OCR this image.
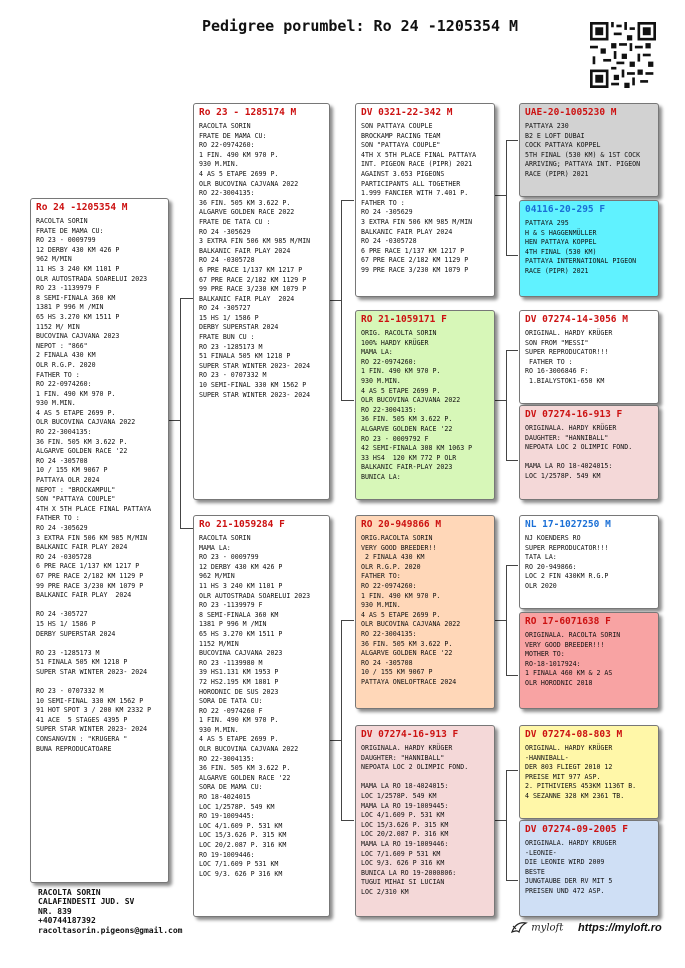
Pedigree porumbel: Ro 24 -1205354 M
Ro 24 -1205354 M
RACOLTA SORIN
FRATE DE MAMA CU:
RO 23 - 0009799
12 DERBY 430 KM 426 P
962 M/MIN
11 HS 3 240 KM 1101 P
OLR AUTOSTRADA SOARELUI 2023
RO 23 -1139979 F
8 SEMI-FINALA 360 KM
1381 P 996 M /MIN
65 HS 3.270 KM 1511 P
1152 M/ MIN
BUCOVINA CAJVANA 2023
NEPOT : "866"
2 FINALA 430 KM
OLR R.G.P. 2020
FATHER TO :
RO 22-0974260:
1 FIN. 490 KM 970 P.
930 M.MIN.
4 AS 5 ETAPE 2699 P.
OLR BUCOVINA CAJVANA 2022
RO 22-3004135:
36 FIN. 505 KM 3.622 P.
ALGARVE GOLDEN RACE '22
RO 24 -305708
10 / 155 KM 9067 P
PATTAYA OLR 2024
NEPOT : "BROCKAMPUL"
SON "PATTAYA COUPLE"
4TH X 5TH PLACE FINAL PATTAYA
FATHER TO :
RO 24 -305629
3 EXTRA FIN 506 KM 985 M/MIN
BALKANIC FAIR PLAY 2024
RO 24 -0305728
6 PRE RACE 1/137 KM 1217 P
67 PRE RACE 2/182 KM 1129 P
99 PRE RACE 3/230 KM 1079 P
BALKANIC FAIR PLAY  2024

RO 24 -305727
15 HS 1/ 1586 P
DERBY SUPERSTAR 2024

RO 23 -1285173 M
51 FINALA 505 KM 1218 P
SUPER STAR WINTER 2023- 2024

RO 23 - 0707332 M
10 SEMI-FINAL 330 KM 1562 P
91 HOT SPOT 3 / 200 KM 2332 P
41 ACE  5 STAGES 4395 P
SUPER STAR WINTER 2023- 2024
CONSANGVIN : "KRUGERA "
BUNA REPRODUCATOARE
Ro 23 - 1285174 M
RACOLTA SORIN
FRATE DE MAMA CU:
RO 22-0974260:
1 FIN. 490 KM 970 P.
930 M.MIN.
4 AS 5 ETAPE 2699 P.
OLR BUCOVINA CAJVANA 2022
RO 22-3004135:
36 FIN. 505 KM 3.622 P.
ALGARVE GOLDEN RACE 2022
FRATE DE TATA CU :
RO 24 -305629
3 EXTRA FIN 506 KM 985 M/MIN
BALKANIC FAIR PLAY 2024
RO 24 -0305728
6 PRE RACE 1/137 KM 1217 P
67 PRE RACE 2/182 KM 1129 P
99 PRE RACE 3/230 KM 1079 P
BALKANIC FAIR PLAY  2024
RO 24 -305727
15 HS 1/ 1586 P
DERBY SUPERSTAR 2024
FRATE BUN CU :
RO 23 -1285173 M
51 FINALA 505 KM 1218 P
SUPER STAR WINTER 2023- 2024
RO 23 - 0707332 M
10 SEMI-FINAL 330 KM 1562 P
SUPER STAR WINTER 2023- 2024
Ro 21-1059284 F
RACOLTA SORIN
MAMA LA:
RO 23 - 0009799
12 DERBY 430 KM 426 P
962 M/MIN
11 HS 3 240 KM 1101 P
OLR AUTOSTRADA SOARELUI 2023
RO 23 -1139979 F
8 SEMI-FINALA 360 KM
1381 P 996 M /MIN
65 HS 3.270 KM 1511 P
1152 M/MIN
BUCOVINA CAJVANA 2023
RO 23 -1139980 M
39 HS1.131 KM 1953 P
72 HS2.195 KM 1881 P
HORODNIC DE SUS 2023
SORA DE TATA CU:
RO 22 -0974260 F
1 FIN. 490 KM 970 P.
930 M.MIN.
4 AS 5 ETAPE 2699 P.
OLR BUCOVINA CAJVANA 2022
RO 22-3004135:
36 FIN. 505 KM 3.622 P.
ALGARVE GOLDEN RACE '22
SORA DE MAMA CU:
RO 18-4024015
LOC 1/2578P. 549 KM
RO 19-1009445:
LOC 4/1.609 P. 531 KM
LOC 15/3.626 P. 315 KM
LOC 20/2.087 P. 316 KM
RO 19-1009446:
LOC 7/1.609 P 531 KM
LOC 9/3. 626 P 316 KM
DV 0321-22-342 M
SON PATTAYA COUPLE
BROCKAMP RACING TEAM
SON "PATTAYA COUPLE"
4TH X 5TH PLACE FINAL PATTAYA
INT. PIGEON RACE (PIPR) 2021
AGAINST 3.653 PIGEONS
PARTICIPANTS ALL TOGETHER
1.999 FANCIER WITH 7.401 P.
FATHER TO :
RO 24 -305629
3 EXTRA FIN 506 KM 985 M/MIN
BALKANIC FAIR PLAY 2024
RO 24 -0305728
6 PRE RACE 1/137 KM 1217 P
67 PRE RACE 2/182 KM 1129 P
99 PRE RACE 3/230 KM 1079 P
RO 21-1059171 F
ORIG. RACOLTA SORIN
100% HARDY KRÜGER
MAMA LA:
RO 22-0974260:
1 FIN. 490 KM 970 P.
930 M.MIN.
4 AS 5 ETAPE 2699 P.
OLR BUCOVINA CAJVANA 2022
RO 22-3004135:
36 FIN. 505 KM 3.622 P.
ALGARVE GOLDEN RACE '22
RO 23 - 0009792 F
42 SEMI-FINALA 308 KM 1063 P
33 HS4  120 KM 772 P OLR
BALKANIC FAIR-PLAY 2023
BUNICA LA:
RO 20-949866 M
ORIG.RACOLTA SORIN
VERY GOOD BREEDER!!
2 FINALA 430 KM
OLR R.G.P. 2020
FATHER TO:
RO 22-0974260:
1 FIN. 490 KM 970 P.
930 M.MIN.
4 AS 5 ETAPE 2699 P.
OLR BUCOVINA CAJVANA 2022
RO 22-3004135:
36 FIN. 505 KM 3.622 P.
ALGARVE GOLDEN RACE '22
RO 24 -305708
10 / 155 KM 9067 P
PATTAYA ONELOFTRACE 2024
DV 07274-16-913 F
ORIGINALA. HARDY KRÜGER
DAUGHTER: "HANNIBALL"
NEPOATA LOC 2 OLIMPIC FOND.

MAMA LA RO 18-4024015:
LOC 1/2578P. 549 KM
MAMA LA RO 19-1009445:
LOC 4/1.609 P. 531 KM
LOC 15/3.626 P. 315 KM
LOC 20/2.087 P. 316 KM
MAMA LA RO 19-1009446:
LOC 7/1.609 P 531 KM
LOC 9/3. 626 P 316 KM
BUNICA LA RO 19-2000806:
TUGUI MIHAI SI LUCIAN
LOC 2/310 KM
UAE-20-1005230 M
PATTAYA 230
B2 E LOFT DUBAI
COCK PATTAYA KOPPEL
5TH FINAL (530 KM) & 1ST COCK
ARRIVING; PATTAYA INT. PIGEON
RACE (PIPR) 2021
04116-20-295 F
PATTAYA 295
H & S HAGGENMÜLLER
HEN PATTAYA KOPPEL
4TH FINAL (530 KM)
PATTAYA INTERNATIONAL PIGEON
RACE (PIPR) 2021
DV 07274-14-3056 M
ORIGINAL. HARDY KRÜGER
SON FROM "MESSI"
SUPER REPRODUCATOR!!!
FATHER TO :
RO 16-3006846 F:
1.BIALYSTOK1-650 KM
DV 07274-16-913 F
ORIGINALA. HARDY KRÜGER
DAUGHTER: "HANNIBALL"
NEPOATA LOC 2 OLIMPIC FOND.

MAMA LA RO 18-4024015:
LOC 1/2578P. 549 KM
NL 17-1027250 M
NJ KOENDERS RO
SUPER REPRODUCATOR!!!
TATA LA:
RO 20-949866:
LOC 2 FIN 430KM R.G.P
OLR 2020
RO 17-6071638 F
ORIGINALA. RACOLTA SORIN
VERY GOOD BREEDER!!!
MOTHER TO:
RO-18-1017924:
1 FINALA 460 KM & 2 AS
OLR HORODNIC 2018
DV 07274-08-803 M
ORIGINAL. HARDY KRÜGER
-HANNIBALL-
DER 803 FLIEGT 2010 12
PREISE MIT 977 ASP.
2. PITHIVIERS 453KM 1136T B.
4 SEZANNE 328 KM 2361 TB.
DV 07274-09-2005 F
ORIGINALA. HARDY KRUGER
-LEONIE-
DIE LEONIE WIRD 2009
BESTE
JUNGTAUBE DER RV MIT 5
PREISEN UND 472 ASP.
RACOLTA SORIN
CALAFINDESTI JUD. SV
NR. 839
+40744187392
racoltasorin.pigeons@gmail.com	myloft https://myloft.ro
